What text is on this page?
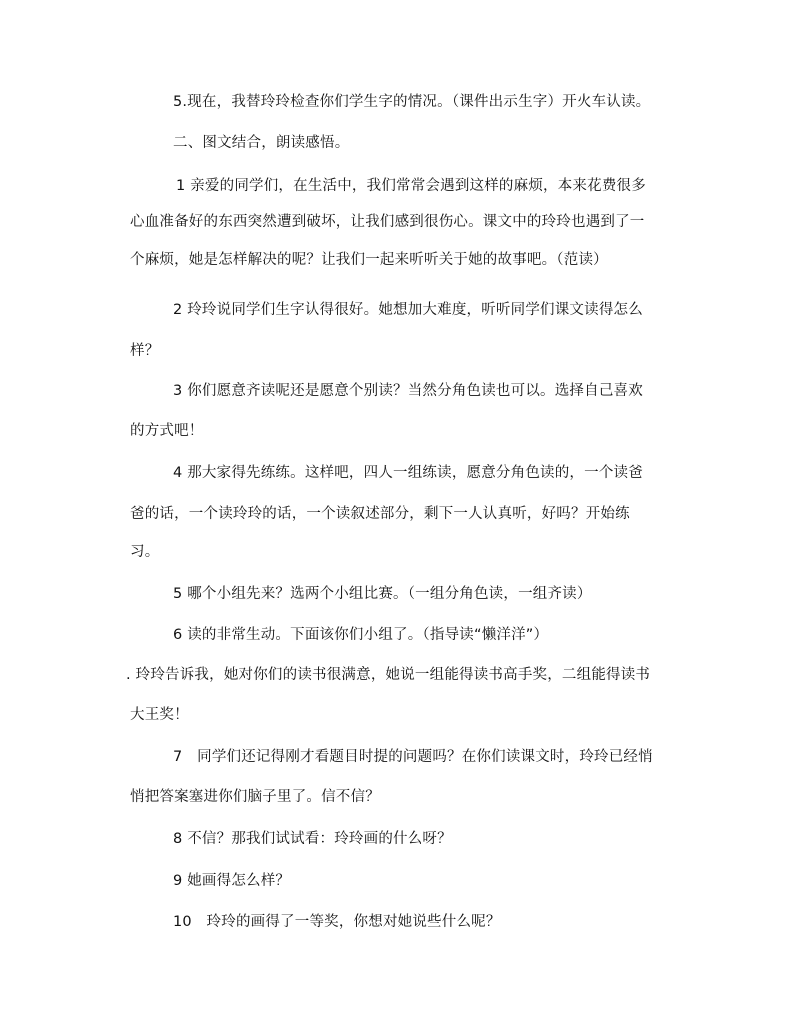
5.现在，我替玲玲检查你们学生字的情况。（课件出示生字）开火车认读。
二、图文结合，朗读感悟。
1 亲爱的同学们，在生活中，我们常常会遇到这样的麻烦，本来花费很多
心血准备好的东西突然遭到破坏，让我们感到很伤心。课文中的玲玲也遇到了一
个麻烦，她是怎样解决的呢？让我们一起来听听关于她的故事吧。（范读）
2 玲玲说同学们生字认得很好。她想加大难度，听听同学们课文读得怎么
样？
3 你们愿意齐读呢还是愿意个别读？当然分角色读也可以。选择自己喜欢
的方式吧！
4 那大家得先练练。这样吧，四人一组练读，愿意分角色读的，一个读爸
爸的话，一个读玲玲的话，一个读叙述部分，剩下一人认真听，好吗？开始练
习。
5 哪个小组先来？选两个小组比赛。（一组分角色读，一组齐读）
6 读的非常生动。下面该你们小组了。（指导读“懒洋洋”）
. 玲玲告诉我，她对你们的读书很满意，她说一组能得读书高手奖，二组能得读书
大王奖！
7　同学们还记得刚才看题目时提的问题吗？在你们读课文时，玲玲已经悄
悄把答案塞进你们脑子里了。信不信？
8 不信？那我们试试看：玲玲画的什么呀？
9 她画得怎么样？
10　玲玲的画得了一等奖，你想对她说些什么呢？
